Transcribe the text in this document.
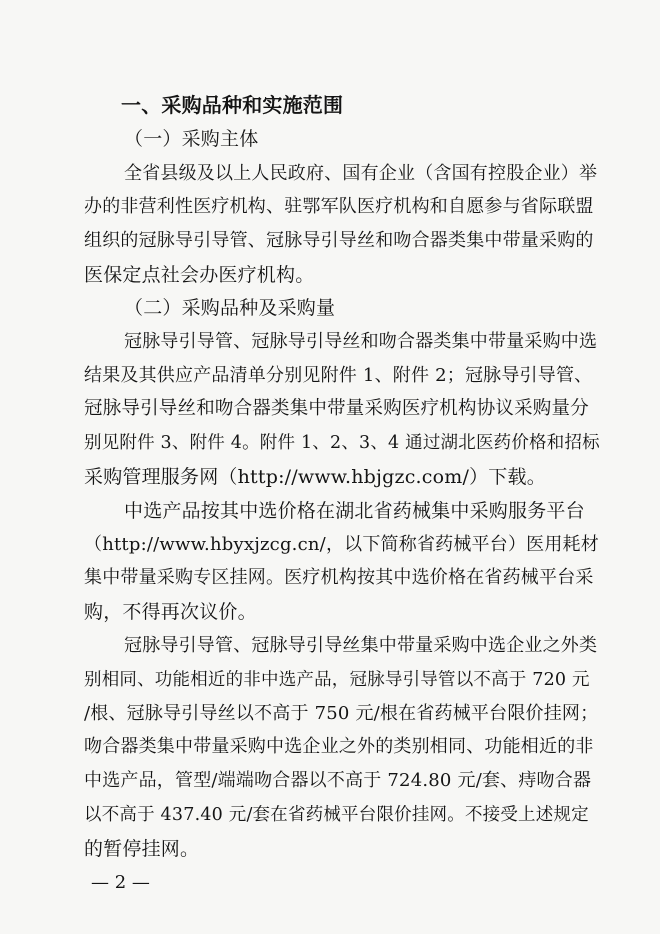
一、采购品种和实施范围
（一）采购主体
全省县级及以上人民政府、国有企业（含国有控股企业）举
办的非营利性医疗机构、驻鄂军队医疗机构和自愿参与省际联盟
组织的冠脉导引导管、冠脉导引导丝和吻合器类集中带量采购的
医保定点社会办医疗机构。
（二）采购品种及采购量
冠脉导引导管、冠脉导引导丝和吻合器类集中带量采购中选
结果及其供应产品清单分别见附件 1、附件 2；冠脉导引导管、
冠脉导引导丝和吻合器类集中带量采购医疗机构协议采购量分
别见附件 3、附件 4。附件 1、2、3、4 通过湖北医药价格和招标
采购管理服务网（http://www.hbjgzc.com/）下载。
中选产品按其中选价格在湖北省药械集中采购服务平台
（http://www.hbyxjzcg.cn/，以下简称省药械平台）医用耗材
集中带量采购专区挂网。医疗机构按其中选价格在省药械平台采
购，不得再次议价。
冠脉导引导管、冠脉导引导丝集中带量采购中选企业之外类
别相同、功能相近的非中选产品，冠脉导引导管以不高于 720 元
/根、冠脉导引导丝以不高于 750 元/根在省药械平台限价挂网；
吻合器类集中带量采购中选企业之外的类别相同、功能相近的非
中选产品，管型/端端吻合器以不高于 724.80 元/套、痔吻合器
以不高于 437.40 元/套在省药械平台限价挂网。不接受上述规定
的暂停挂网。
— 2 —
